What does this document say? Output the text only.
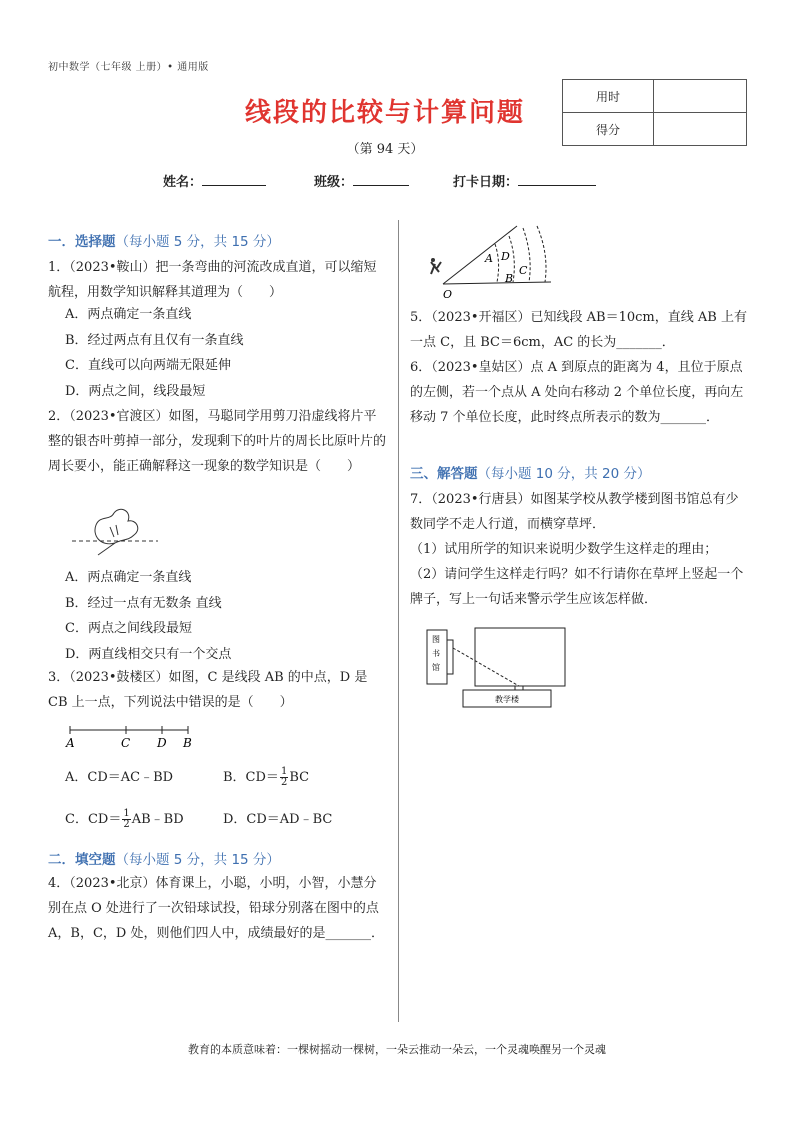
初中数学（七年级 上册）• 通用版
线段的比较与计算问题
（第 94 天）
用时	
得分	
姓名：	班级：	打卡日期：
一．选择题（每小题 5 分，共 15 分）
1．（2023•鞍山）把一条弯曲的河流改成直道，可以缩短航程，用数学知识解释其道理为（　　）
A．两点确定一条直线
B．经过两点有且仅有一条直线
C．直线可以向两端无限延伸
D．两点之间，线段最短
2．（2023•官渡区）如图，马聪同学用剪刀沿虚线将片平整的银杏叶剪掉一部分，发现剩下的叶片的周长比原叶片的周长要小，能正确解释这一现象的数学知识是（　　）
A．两点确定一条直线
B．经过一点有无数条 直线
C．两点之间线段最短
D．两直线相交只有一个交点
3．（2023•鼓楼区）如图，C 是线段 AB 的中点，D 是 CB 上一点，下列说法中错误的是（　　）
A	C D B
A．CD＝AC﹣BD	B．$CD= \frac{1}{2}$ BC
C．$CD= \frac{1}{2}$ AB﹣BD	D．CD＝AD﹣BC
二．填空题（每小题 5 分，共 15 分）
4．（2023•北京）体育课上，小聪，小明，小智，小慧分别在点 O 处进行了一次铅球试投，铅球分别落在图中的点 A，B，C，D 处，则他们四人中，成绩最好的是_______．
A D
B
C
O
5．（2023•开福区）已知线段 AB＝10cm，直线 AB 上有一点 C，且 BC＝6cm，AC 的长为_______．
6．（2023•皇姑区）点 A 到原点的距离为 4，且位于原点的左侧，若一个点从 A 处向右移动 2 个单位长度，再向左移动 7 个单位长度，此时终点所表示的数为_______．
三、解答题（每小题 10 分，共 20 分）
7．（2023•行唐县）如图某学校从教学楼到图书馆总有少数同学不走人行道，而横穿草坪．
（1）试用所学的知识来说明少数学生这样走的理由；
（2）请问学生这样走行吗？如不行请你在草坪上竖起一个牌子，写上一句话来警示学生应该怎样做．
图
书
馆
教学楼
教育的本质意味着：一棵树摇动一棵树，一朵云推动一朵云，一个灵魂唤醒另一个灵魂
